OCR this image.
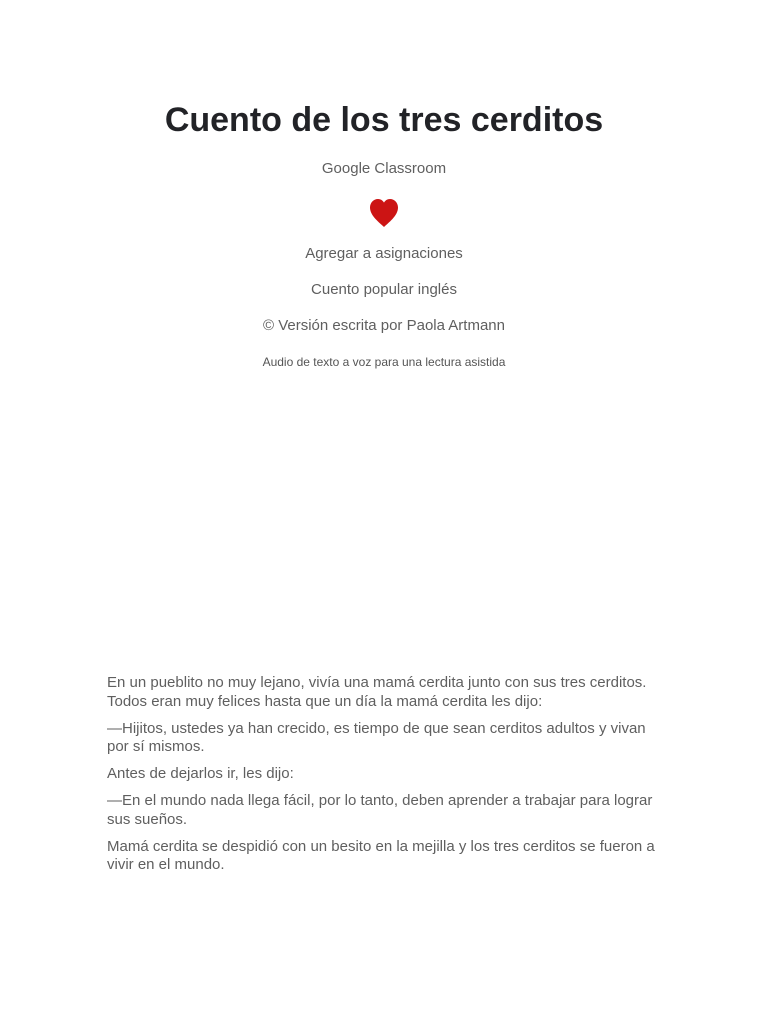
Cuento de los tres cerditos
Google Classroom
Agregar a asignaciones
Cuento popular inglés
© Versión escrita por Paola Artmann
Audio de texto a voz para una lectura asistida

En un pueblito no muy lejano, vivía una mamá cerdita junto con sus tres cerditos. Todos eran muy felices hasta que un día la mamá cerdita les dijo:

—Hijitos, ustedes ya han crecido, es tiempo de que sean cerditos adultos y vivan por sí mismos.

Antes de dejarlos ir, les dijo:

—En el mundo nada llega fácil, por lo tanto, deben aprender a trabajar para lograr sus sueños.

Mamá cerdita se despidió con un besito en la mejilla y los tres cerditos se fueron a vivir en el mundo.
